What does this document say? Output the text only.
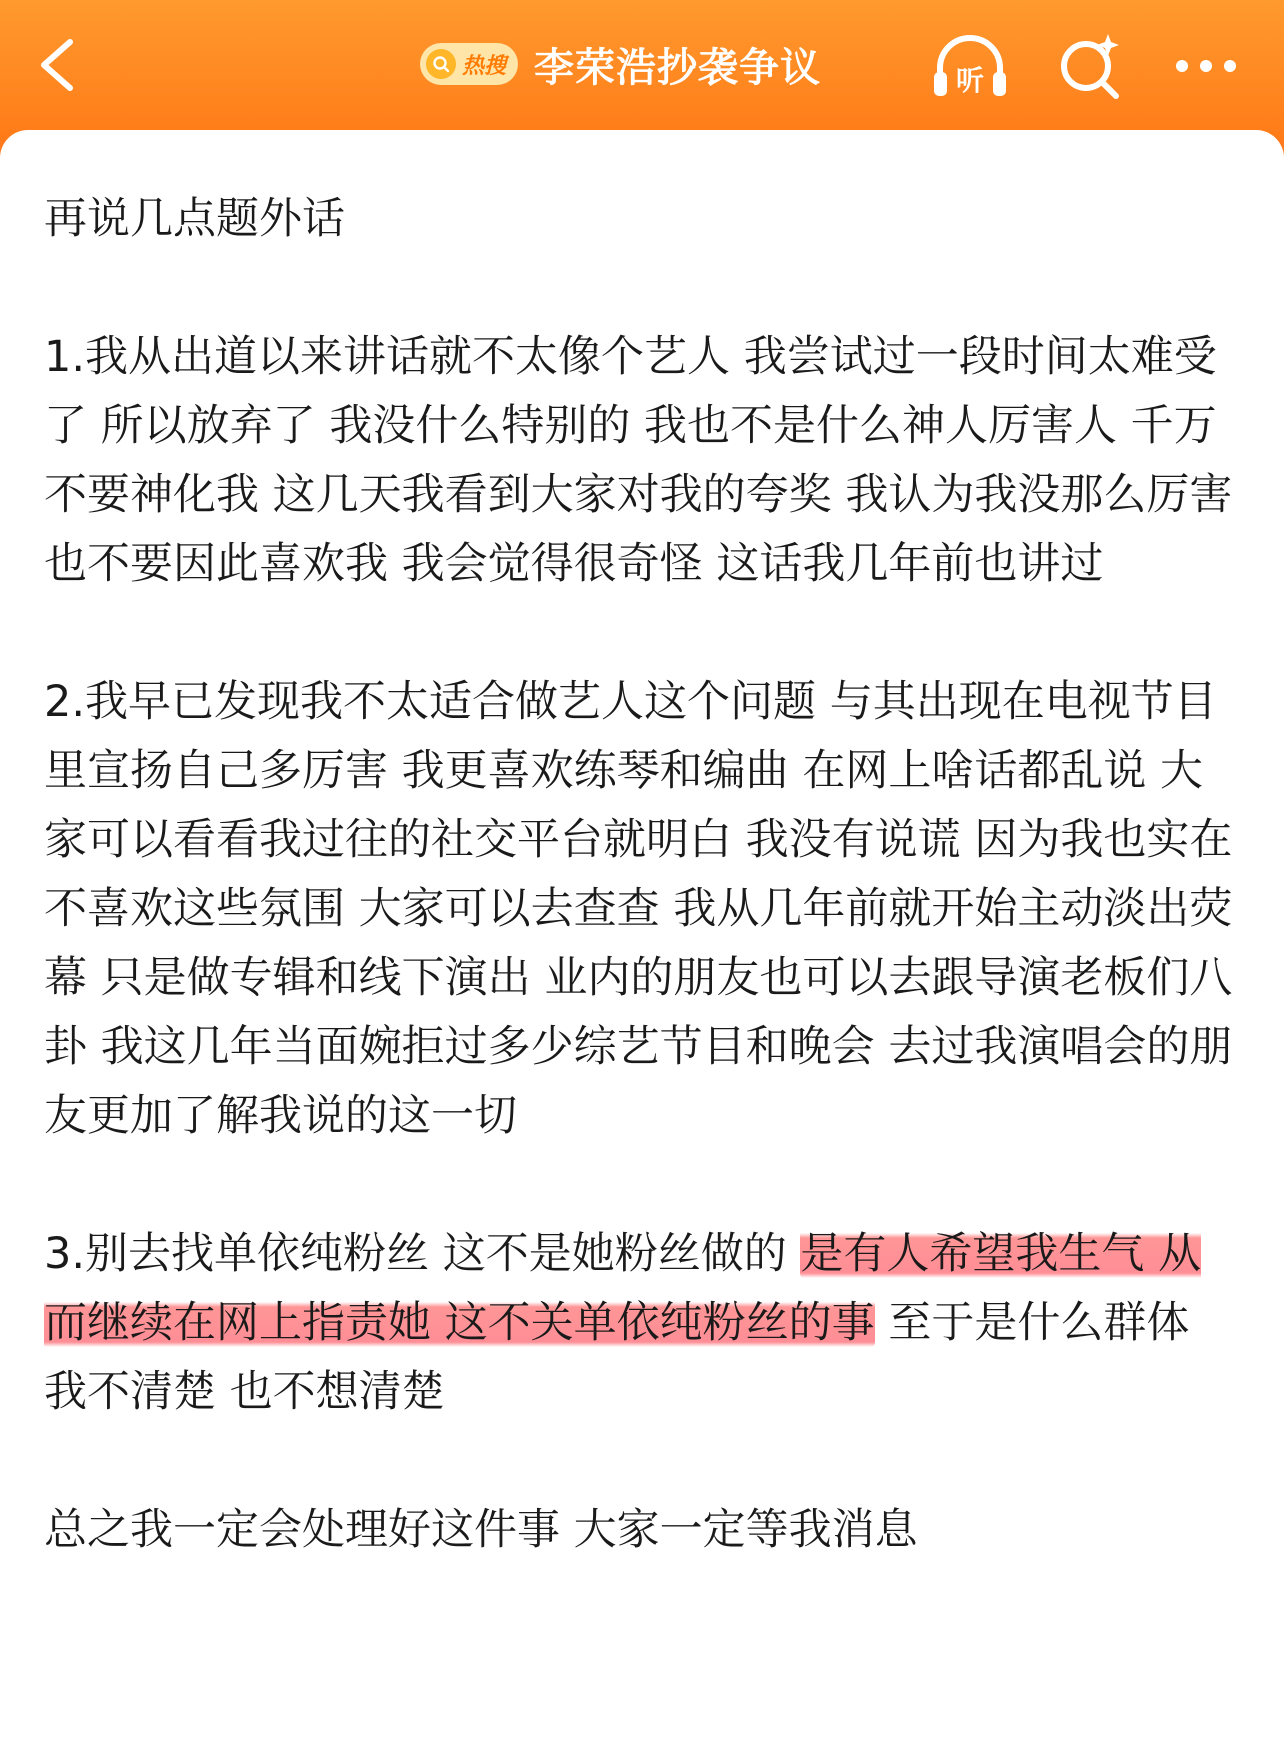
热搜 李荣浩抄袭争议	听

再说几点题外话

1.我从出道以来讲话就不太像个艺人 我尝试过一段时间太难受了 所以放弃了 我没什么特别的 我也不是什么神人厉害人 千万不要神化我 这几天我看到大家对我的夸奖 我认为我没那么厉害 也不要因此喜欢我 我会觉得很奇怪 这话我几年前也讲过

2.我早已发现我不太适合做艺人这个问题 与其出现在电视节目里宣扬自己多厉害 我更喜欢练琴和编曲 在网上啥话都乱说 大家可以看看我过往的社交平台就明白 我没有说谎 因为我也实在不喜欢这些氛围 大家可以去查查 我从几年前就开始主动淡出荧幕 只是做专辑和线下演出 业内的朋友也可以去跟导演老板们八卦 我这几年当面婉拒过多少综艺节目和晚会 去过我演唱会的朋友更加了解我说的这一切

3.别去找单依纯粉丝 这不是她粉丝做的 是有人希望我生气 从而继续在网上指责她 这不关单依纯粉丝的事 至于是什么群体 我不清楚 也不想清楚

总之我一定会处理好这件事 大家一定等我消息
